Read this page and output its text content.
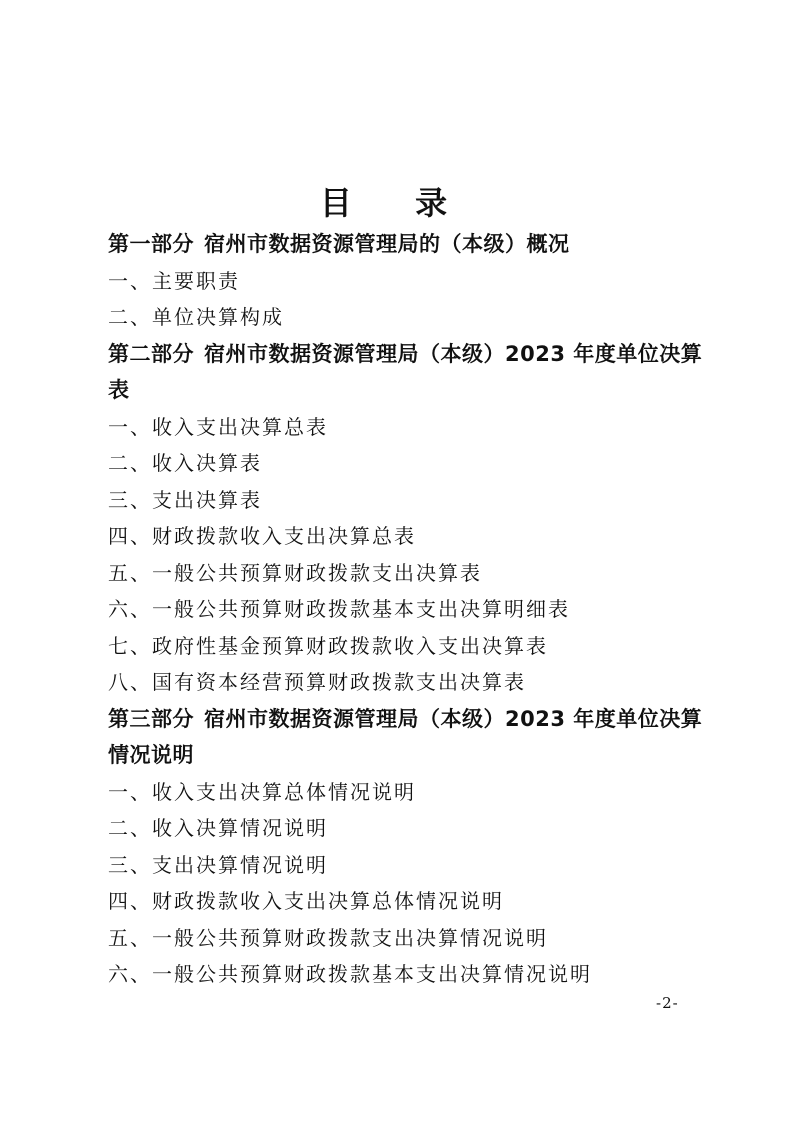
目 录
第一部分 宿州市数据资源管理局的（本级）概况
一、主要职责
二、单位决算构成
第二部分 宿州市数据资源管理局（本级）2023 年度单位决算表
一、收入支出决算总表
二、收入决算表
三、支出决算表
四、财政拨款收入支出决算总表
五、一般公共预算财政拨款支出决算表
六、一般公共预算财政拨款基本支出决算明细表
七、政府性基金预算财政拨款收入支出决算表
八、国有资本经营预算财政拨款支出决算表
第三部分 宿州市数据资源管理局（本级）2023 年度单位决算情况说明
一、收入支出决算总体情况说明
二、收入决算情况说明
三、支出决算情况说明
四、财政拨款收入支出决算总体情况说明
五、一般公共预算财政拨款支出决算情况说明
六、一般公共预算财政拨款基本支出决算情况说明
-2-
